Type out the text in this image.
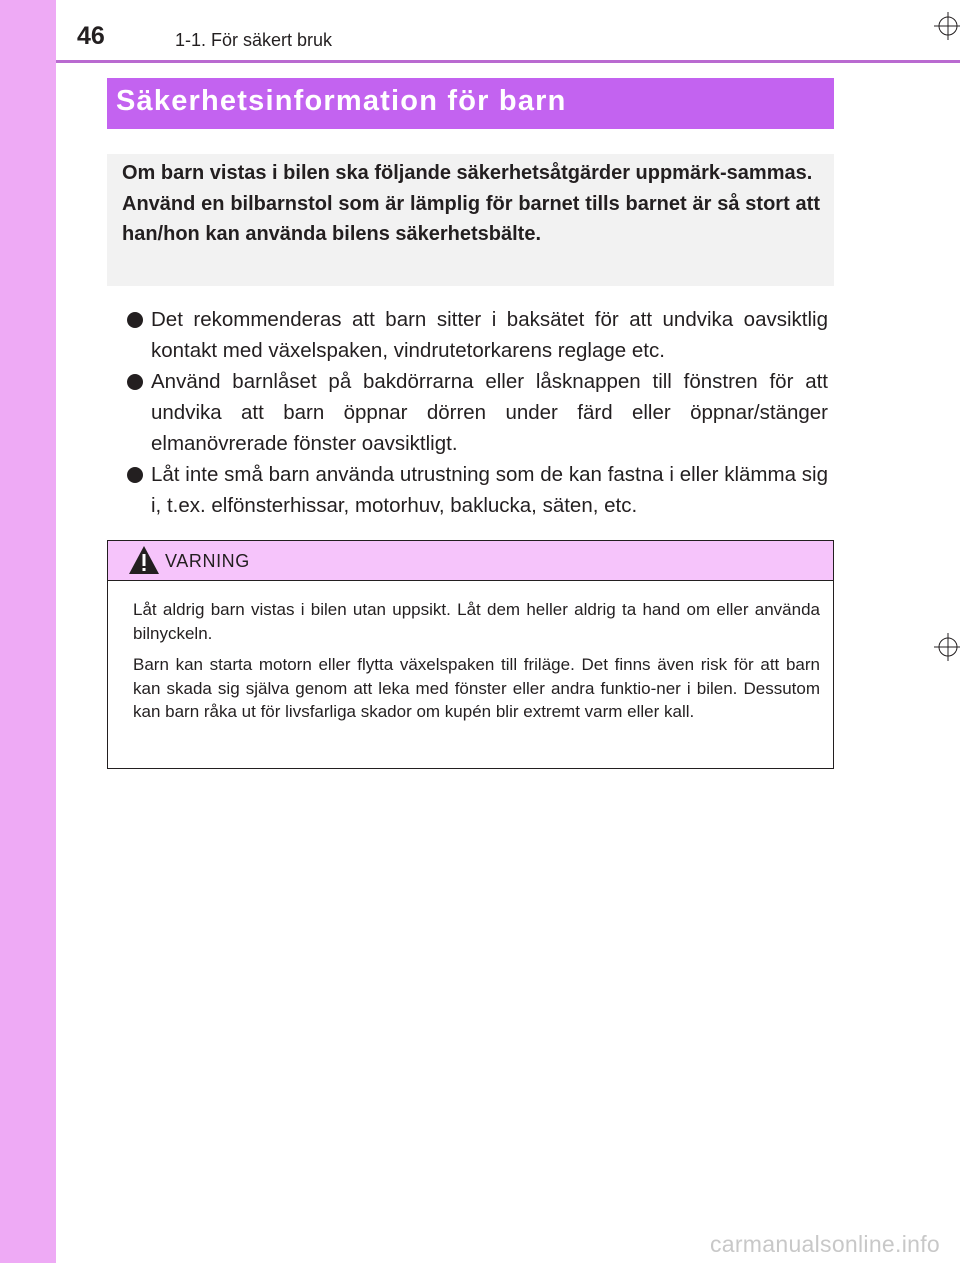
46	1-1. För säkert bruk
Säkerhetsinformation för barn

Om barn vistas i bilen ska följande säkerhetsåtgärder uppmärk-sammas.

Använd en bilbarnstol som är lämplig för barnet tills barnet är så stort att han/hon kan använda bilens säkerhetsbälte.

Det rekommenderas att barn sitter i baksätet för att undvika oavsiktlig kontakt med växelspaken, vindrutetorkarens reglage etc.
Använd barnlåset på bakdörrarna eller låsknappen till fönstren för att undvika att barn öppnar dörren under färd eller öppnar/stänger elmanövrerade fönster oavsiktligt.
Låt inte små barn använda utrustning som de kan fastna i eller klämma sig i, t.ex. elfönsterhissar, motorhuv, baklucka, säten, etc.
VARNING

Låt aldrig barn vistas i bilen utan uppsikt. Låt dem heller aldrig ta hand om eller använda bilnyckeln.

Barn kan starta motorn eller flytta växelspaken till friläge. Det finns även risk för att barn kan skada sig själva genom att leka med fönster eller andra funktio-ner i bilen. Dessutom kan barn råka ut för livsfarliga skador om kupén blir extremt varm eller kall.

carmanualsonline.info
